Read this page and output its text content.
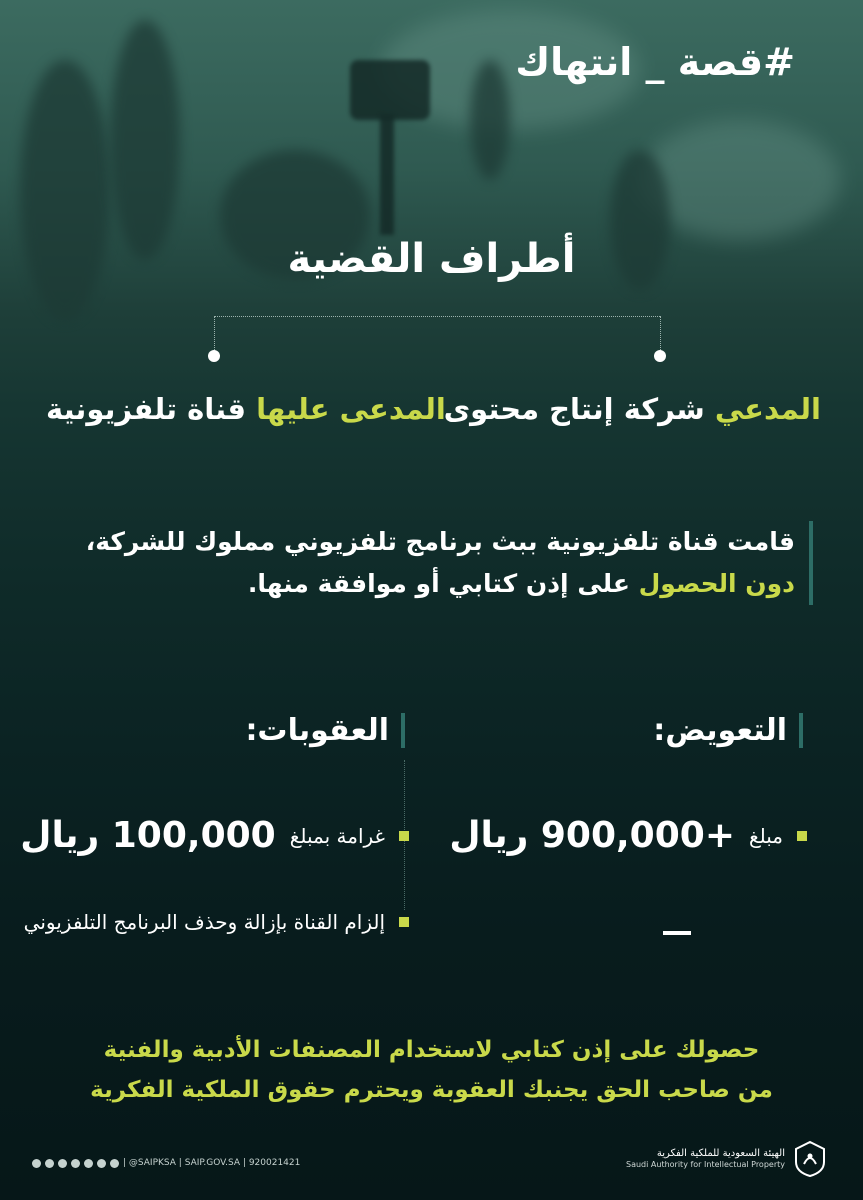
#قصة _ انتهاك
أطراف القضية
المدعي شركة إنتاج محتوى
المدعى عليها قناة تلفزيونية

قامت قناة تلفزيونية ببث برنامج تلفزيوني مملوك للشركة،

دون الحصول على إذن كتابي أو موافقة منها.

التعويض:
العقوبات:
مبلغ
+900,000 ريال
غرامة بمبلغ
100,000 ريال
إلزام القناة بإزالة وحذف البرنامج التلفزيوني

حصولك على إذن كتابي لاستخدام المصنفات الأدبية والفنية

من صاحب الحق يجنبك العقوبة ويحترم حقوق الملكية الفكرية

| @SAIPKSA | SAIP.GOV.SA | 920021421
الهيئة السعودية للملكية الفكرية
Saudi Authority for Intellectual Property
